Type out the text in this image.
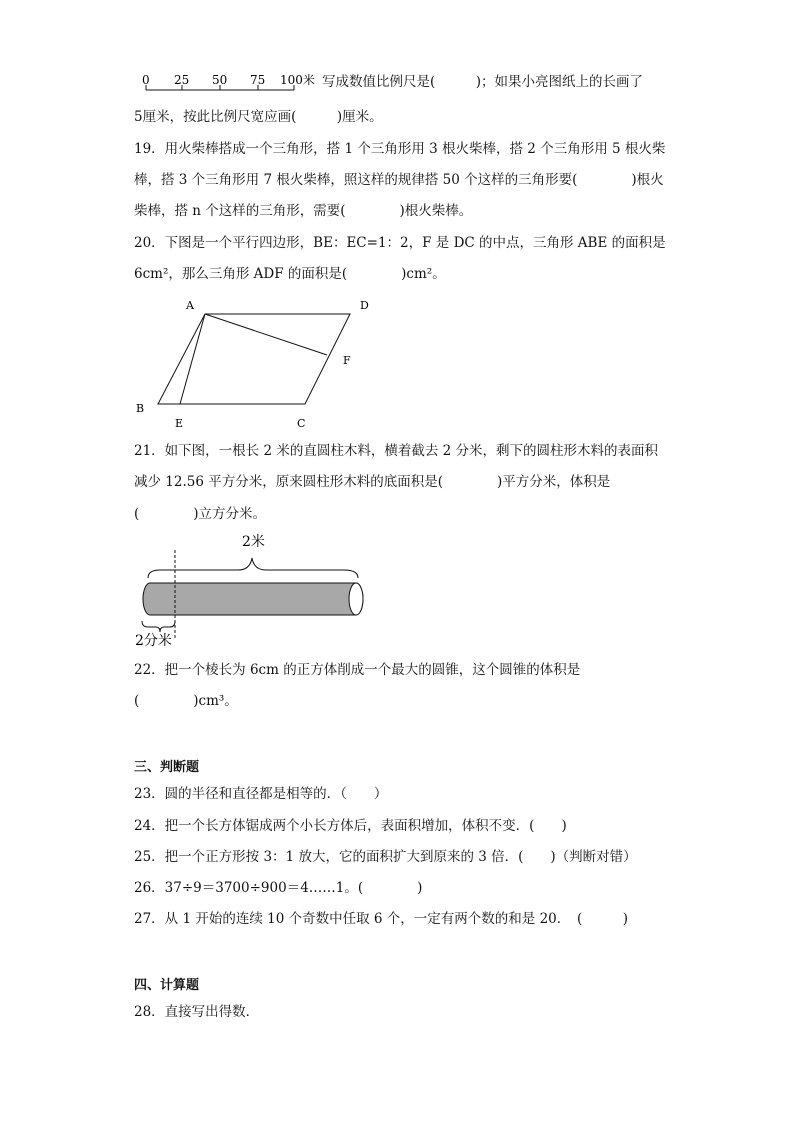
0 25 50 75 100米 写成数值比例尺是(　　　)；如果小亮图纸上的长画了
5厘米，按此比例尺宽应画(　　　)厘米。
19．用火柴棒搭成一个三角形，搭 1 个三角形用 3 根火柴棒，搭 2 个三角形用 5 根火柴
棒，搭 3 个三角形用 7 根火柴棒，照这样的规律搭 50 个这样的三角形要(　　　　)根火
柴棒，搭 n 个这样的三角形，需要(　　　　)根火柴棒。
20．下图是一个平行四边形，BE：EC=1：2，F 是 DC 的中点，三角形 ABE 的面积是
6cm²，那么三角形 ADF 的面积是(　　　　)cm²。
A	D
F
B
E	C
21．如下图，一根长 2 米的直圆柱木料，横着截去 2 分米，剩下的圆柱形木料的表面积
减少 12.56 平方分米，原来圆柱形木料的底面积是(　　　　)平方分米，体积是
(　　　　)立方分米。
2米
2分米
22．把一个棱长为 6cm 的正方体削成一个最大的圆锥，这个圆锥的体积是
(　　　　)cm³。
三、判断题
23．圆的半径和直径都是相等的．（　　）
24．把一个长方体锯成两个小长方体后，表面积增加，体积不变．(　　)
25．把一个正方形按 3：1 放大，它的面积扩大到原来的 3 倍．(　　)（判断对错）
26．37÷9＝3700÷900＝4……1。(　　　　)
27．从 1 开始的连续 10 个奇数中任取 6 个，一定有两个数的和是 20．　(　　　)
四、计算题
28．直接写出得数．
